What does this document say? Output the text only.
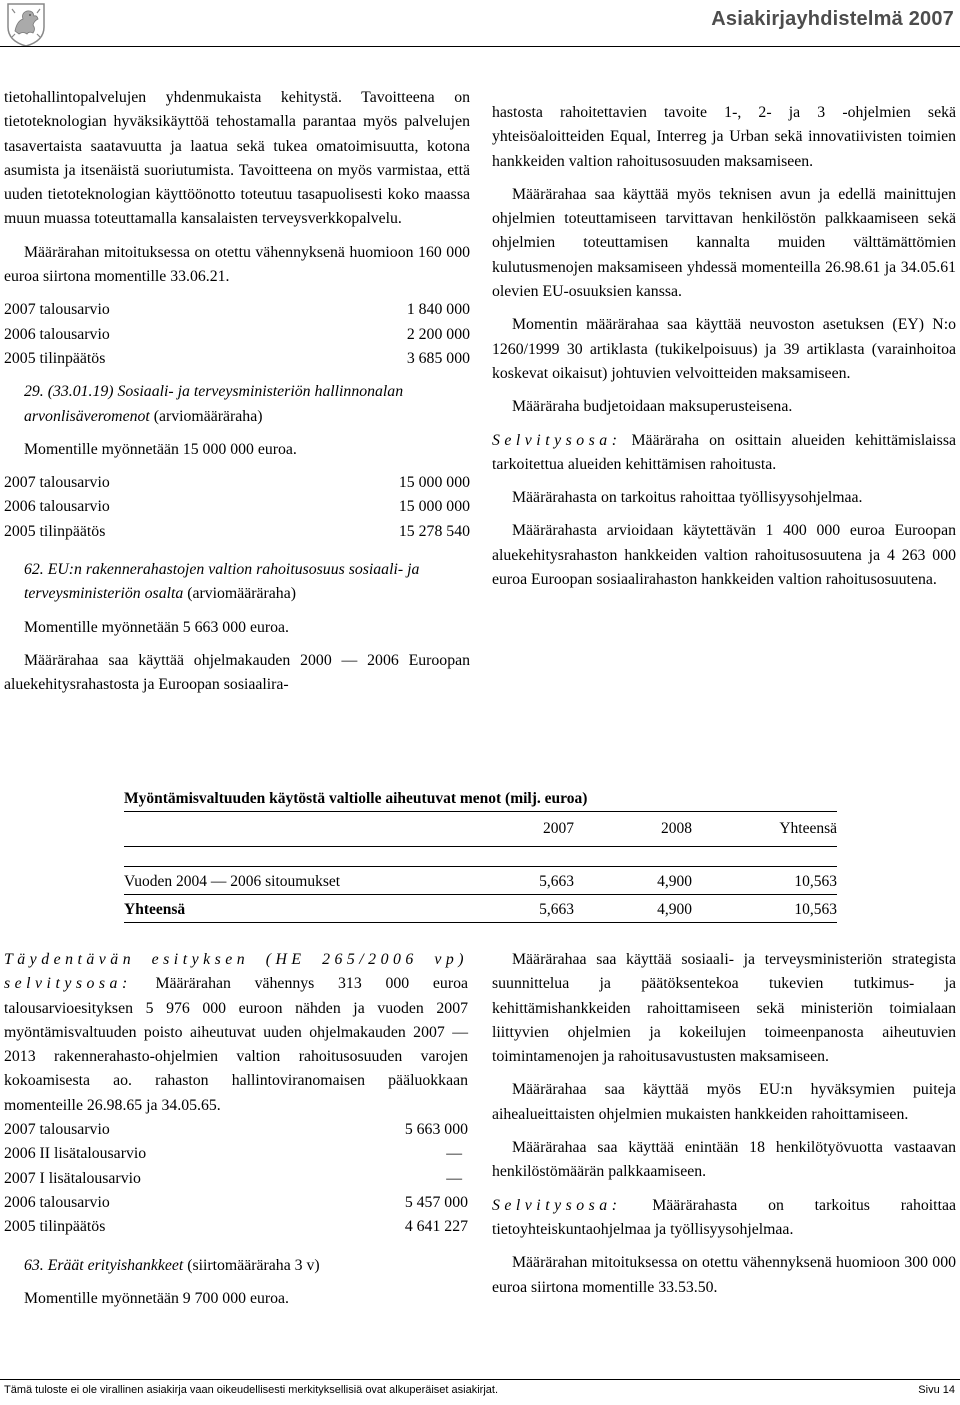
Asiakirjayhdistelmä 2007

tietohallintopalvelujen yhdenmukaista kehitystä. Tavoitteena on tietoteknologian hyväksikäyttöä tehostamalla parantaa myös palvelujen tasavertaista saatavuutta ja laatua sekä tukea omatoimisuutta, kotona asumista ja itsenäistä suoriutumista. Tavoitteena on myös varmistaa, että uuden tietoteknologian käyttöönotto toteutuu tasapuolisesti koko maassa muun muassa toteuttamalla kansalaisten terveysverkkopalvelu.

Määrärahan mitoituksessa on otettu vähennyksenä huomioon 160 000 euroa siirtona momentille 33.06.21.

2007 talousarvio	1 840 000
2006 talousarvio	2 200 000
2005 tilinpäätös	3 685 000

29. (33.01.19) Sosiaali- ja terveysministeriön hallinnonalan arvonlisäveromenot (arviomääräraha)

Momentille myönnetään 15 000 000 euroa.

2007 talousarvio	15 000 000
2006 talousarvio	15 000 000
2005 tilinpäätös	15 278 540

62. EU:n rakennerahastojen valtion rahoitusosuus sosiaali- ja terveysministeriön osalta (arviomääräraha)

Momentille myönnetään 5 663 000 euroa.

Määrärahaa saa käyttää ohjelmakauden 2000 — 2006 Euroopan aluekehitysrahastosta ja Euroopan sosiaalira-

hastosta rahoitettavien tavoite 1-, 2- ja 3 -ohjelmien sekä yhteisöaloitteiden Equal, Interreg ja Urban sekä innovatiivisten toimien hankkeiden valtion rahoitusosuuden maksamiseen.

Määrärahaa saa käyttää myös teknisen avun ja edellä mainittujen ohjelmien toteuttamiseen tarvittavan henkilöstön palkkaamiseen sekä ohjelmien toteuttamisen kannalta muiden välttämättömien kulutusmenojen maksamiseen yhdessä momenteilla 26.98.61 ja 34.05.61 olevien EU-osuuksien kanssa.

Momentin määrärahaa saa käyttää neuvoston asetuksen (EY) N:o 1260/1999 30 artiklasta (tukikelpoisuus) ja 39 artiklasta (varainhoitoa koskevat oikaisut) johtuvien velvoitteiden maksamiseen.

Määräraha budjetoidaan maksuperusteisena.

Selvitysosa: Määräraha on osittain alueiden kehittämislaissa tarkoitettua alueiden kehittämisen rahoitusta.

Määrärahasta on tarkoitus rahoittaa työllisyysohjelmaa.

Määrärahasta arvioidaan käytettävän 1 400 000 euroa Euroopan aluekehitysrahaston hankkeiden valtion rahoitusosuutena ja 4 263 000 euroa Euroopan sosiaalirahaston hankkeiden valtion rahoitusosuutena.

Myöntämisvaltuuden käytöstä valtiolle aiheutuvat menot (milj. euroa)
2007	2008	Yhteensä
Vuoden 2004 — 2006 sitoumukset	5,663	4,900	10,563
Yhteensä	5,663	4,900	10,563

Täydentävän esityksen (HE 265/2006 vp) selvitysosa: Määrärahan vähennys 313 000 euroa talousarvioesityksen 5 976 000 euroon nähden ja vuoden 2007 myöntämisvaltuuden poisto aiheutuvat uuden ohjelmakauden 2007 — 2013 rakennerahasto-ohjelmien valtion rahoitusosuuden varojen kokoamisesta ao. rahaston hallintoviranomaisen pääluokkaan momenteille 26.98.65 ja 34.05.65.

2007 talousarvio	5 663 000
2006 II lisätalousarvio	—
2007 I lisätalousarvio	—
2006 talousarvio	5 457 000
2005 tilinpäätös	4 641 227

63. Eräät erityishankkeet (siirtomääräraha 3 v)

Momentille myönnetään 9 700 000 euroa.

Määrärahaa saa käyttää sosiaali- ja terveysministeriön strategista suunnittelua ja päätöksentekoa tukevien tutkimus- ja kehittämishankkeiden rahoittamiseen sekä ministeriön toimialaan liittyvien ohjelmien ja kokeilujen toimeenpanosta aiheutuvien toimintamenojen ja rahoitusavustusten maksamiseen.

Määrärahaa saa käyttää myös EU:n hyväksymien puiteja aihealueittaisten ohjelmien mukaisten hankkeiden rahoittamiseen.

Määrärahaa saa käyttää enintään 18 henkilötyövuotta vastaavan henkilöstömäärän palkkaamiseen.

Selvitysosa: Määrärahasta on tarkoitus rahoittaa tietoyhteiskuntaohjelmaa ja työllisyysohjelmaa.

Määrärahan mitoituksessa on otettu vähennyksenä huomioon 300 000 euroa siirtona momentille 33.53.50.

Tämä tuloste ei ole virallinen asiakirja vaan oikeudellisesti merkityksellisiä ovat alkuperäiset asiakirjat.	Sivu 14
